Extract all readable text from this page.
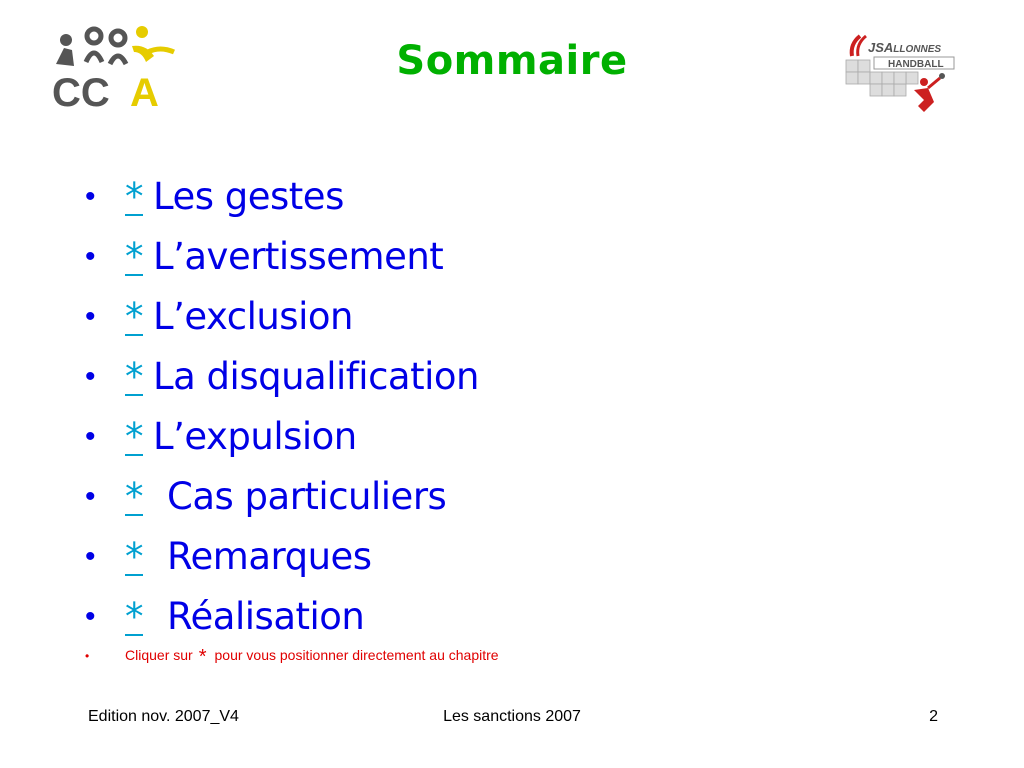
CC A
JSALLONNES
HANDBALL
Sommaire
• * Les gestes
• * L’avertissement
• * L’exclusion
• * La disqualification
• * L’expulsion
• * Cas particuliers
• * Remarques
• * Réalisation
•	Cliquer sur * pour vous positionner directement au chapitre
Edition nov. 2007_V4	Les sanctions 2007	2
